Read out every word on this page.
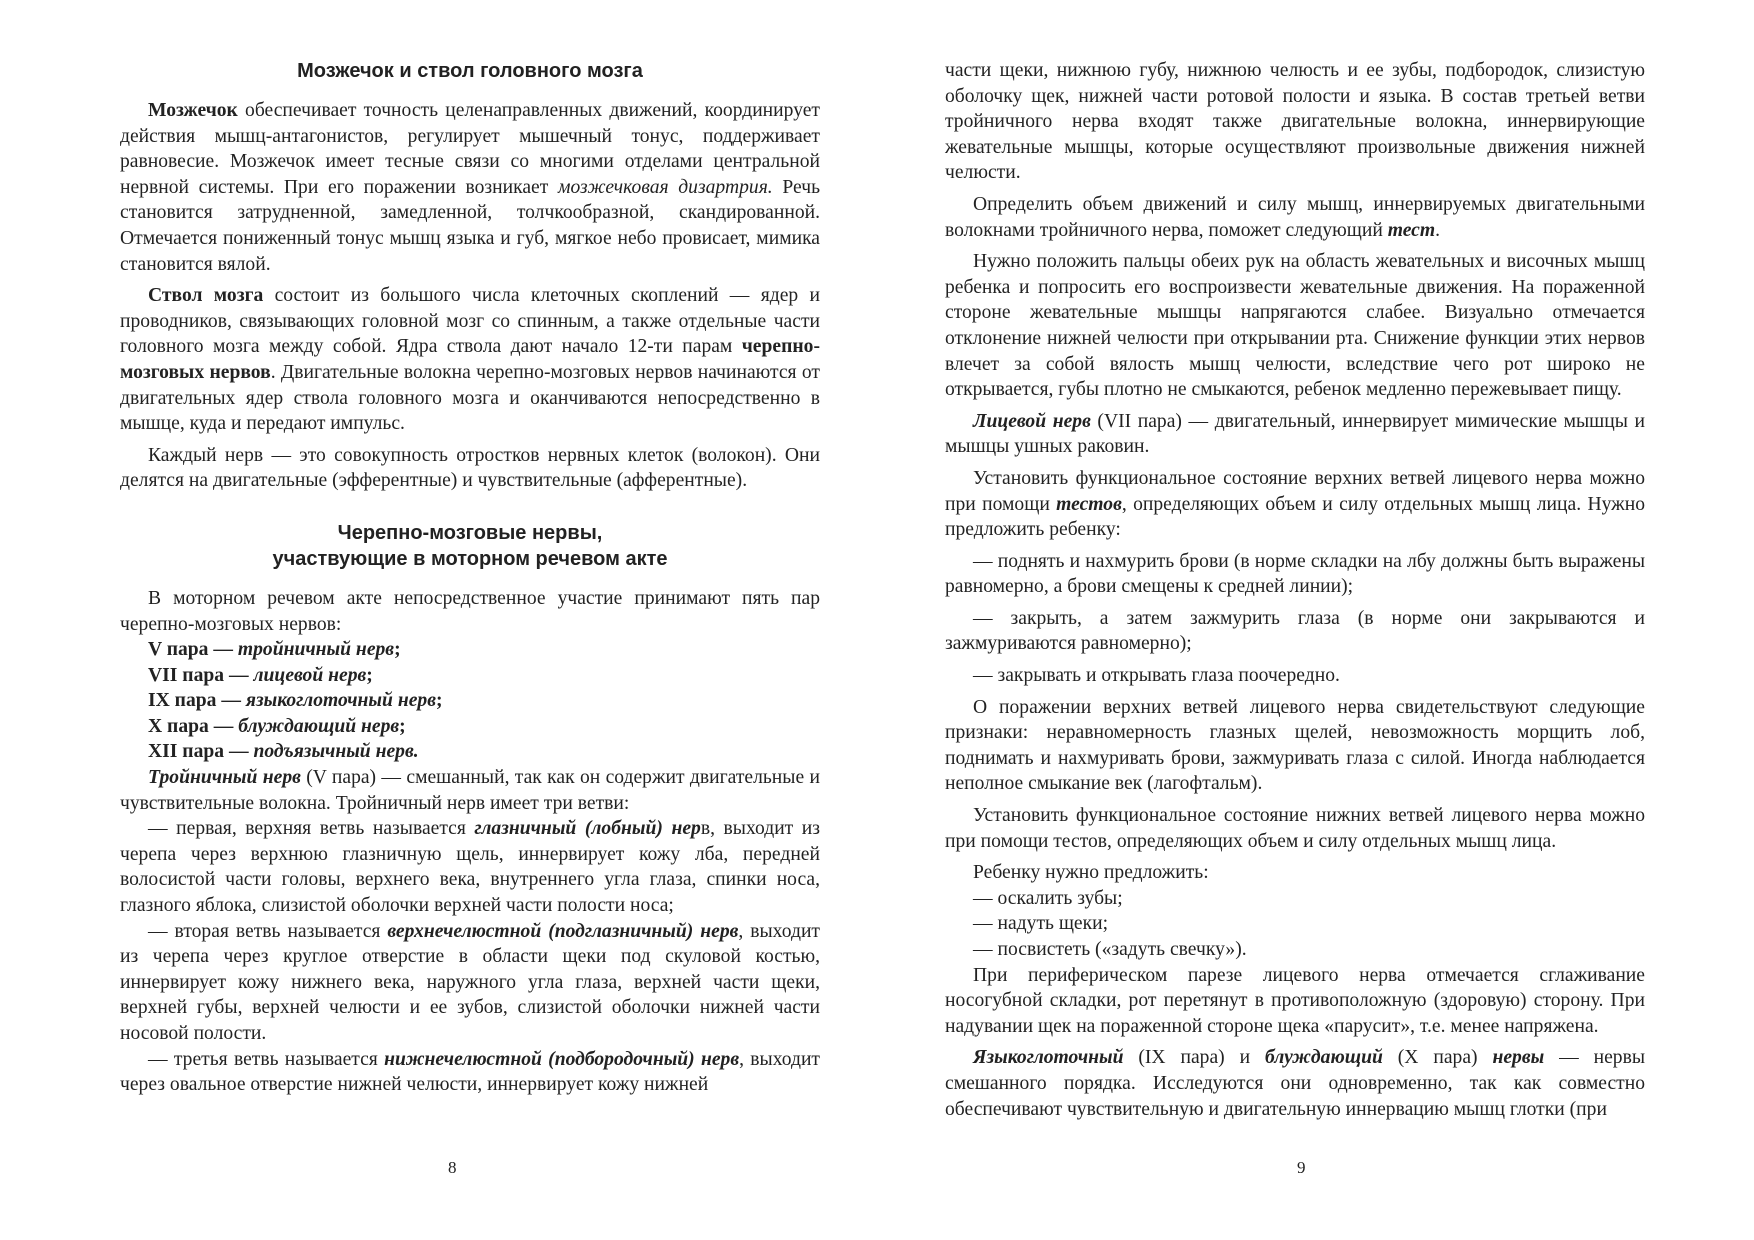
Мозжечок и ствол головного мозга

Мозжечок обеспечивает точность целенаправленных движений, координирует действия мышц-антагонистов, регулирует мышечный тонус, поддерживает равновесие. Мозжечок имеет тесные связи со многими отделами центральной нервной системы. При его поражении возникает мозжечковая дизартрия. Речь становится затрудненной, замедленной, толчкообразной, скандированной. Отмечается пониженный тонус мышц языка и губ, мягкое небо провисает, мимика становится вялой.

Ствол мозга состоит из большого числа клеточных скоплений — ядер и проводников, связывающих головной мозг со спинным, а также отдельные части головного мозга между собой. Ядра ствола дают начало 12-ти парам черепно-мозговых нервов. Двигательные волокна черепно-мозговых нервов начинаются от двигательных ядер ствола головного мозга и оканчиваются непосредственно в мышце, куда и передают импульс.

Каждый нерв — это совокупность отростков нервных клеток (волокон). Они делятся на двигательные (эфферентные) и чувствительные (афферентные).

Черепно-мозговые нервы,
участвующие в моторном речевом акте

В моторном речевом акте непосредственное участие принимают пять пар черепно-мозговых нервов:

V пара — тройничный нерв;
VII пара — лицевой нерв;
IX пара — языкоглоточный нерв;
X пара — блуждающий нерв;
XII пара — подъязычный нерв.

Тройничный нерв (V пара) — смешанный, так как он содержит двигательные и чувствительные волокна. Тройничный нерв имеет три ветви:

— первая, верхняя ветвь называется глазничный (лобный) нерв, выходит из черепа через верхнюю глазничную щель, иннервирует кожу лба, передней волосистой части головы, верхнего века, внутреннего угла глаза, спинки носа, глазного яблока, слизистой оболочки верхней части полости носа;

— вторая ветвь называется верхнечелюстной (подглазничный) нерв, выходит из черепа через круглое отверстие в области щеки под скуловой костью, иннервирует кожу нижнего века, наружного угла глаза, верхней части щеки, верхней губы, верхней челюсти и ее зубов, слизистой оболочки нижней части носовой полости.

— третья ветвь называется нижнечелюстной (подбородочный) нерв, выходит через овальное отверстие нижней челюсти, иннервирует кожу нижней

8

части щеки, нижнюю губу, нижнюю челюсть и ее зубы, подбородок, слизистую оболочку щек, нижней части ротовой полости и языка. В состав третьей ветви тройничного нерва входят также двигательные волокна, иннервирующие жевательные мышцы, которые осуществляют произвольные движения нижней челюсти.

Определить объем движений и силу мышц, иннервируемых двигательными волокнами тройничного нерва, поможет следующий тест.

Нужно положить пальцы обеих рук на область жевательных и височных мышц ребенка и попросить его воспроизвести жевательные движения. На пораженной стороне жевательные мышцы напрягаются слабее. Визуально отмечается отклонение нижней челюсти при открывании рта. Снижение функции этих нервов влечет за собой вялость мышц челюсти, вследствие чего рот широко не открывается, губы плотно не смыкаются, ребенок медленно пережевывает пищу.

Лицевой нерв (VII пара) — двигательный, иннервирует мимические мышцы и мышцы ушных раковин.

Установить функциональное состояние верхних ветвей лицевого нерва можно при помощи тестов, определяющих объем и силу отдельных мышц лица. Нужно предложить ребенку:

— поднять и нахмурить брови (в норме складки на лбу должны быть выражены равномерно, а брови смещены к средней линии);

— закрыть, а затем зажмурить глаза (в норме они закрываются и зажмуриваются равномерно);

— закрывать и открывать глаза поочередно.

О поражении верхних ветвей лицевого нерва свидетельствуют следующие признаки: неравномерность глазных щелей, невозможность морщить лоб, поднимать и нахмуривать брови, зажмуривать глаза с силой. Иногда наблюдается неполное смыкание век (лагофтальм).

Установить функциональное состояние нижних ветвей лицевого нерва можно при помощи тестов, определяющих объем и силу отдельных мышц лица.

Ребенку нужно предложить:

— оскалить зубы;

— надуть щеки;

— посвистеть («задуть свечку»).

При периферическом парезе лицевого нерва отмечается сглаживание носогубной складки, рот перетянут в противоположную (здоровую) сторону. При надувании щек на пораженной стороне щека «парусит», т.е. менее напряжена.

Языкоглоточный (IX пара) и блуждающий (X пара) нервы — нервы смешанного порядка. Исследуются они одновременно, так как совместно обеспечивают чувствительную и двигательную иннервацию мышц глотки (при

9
